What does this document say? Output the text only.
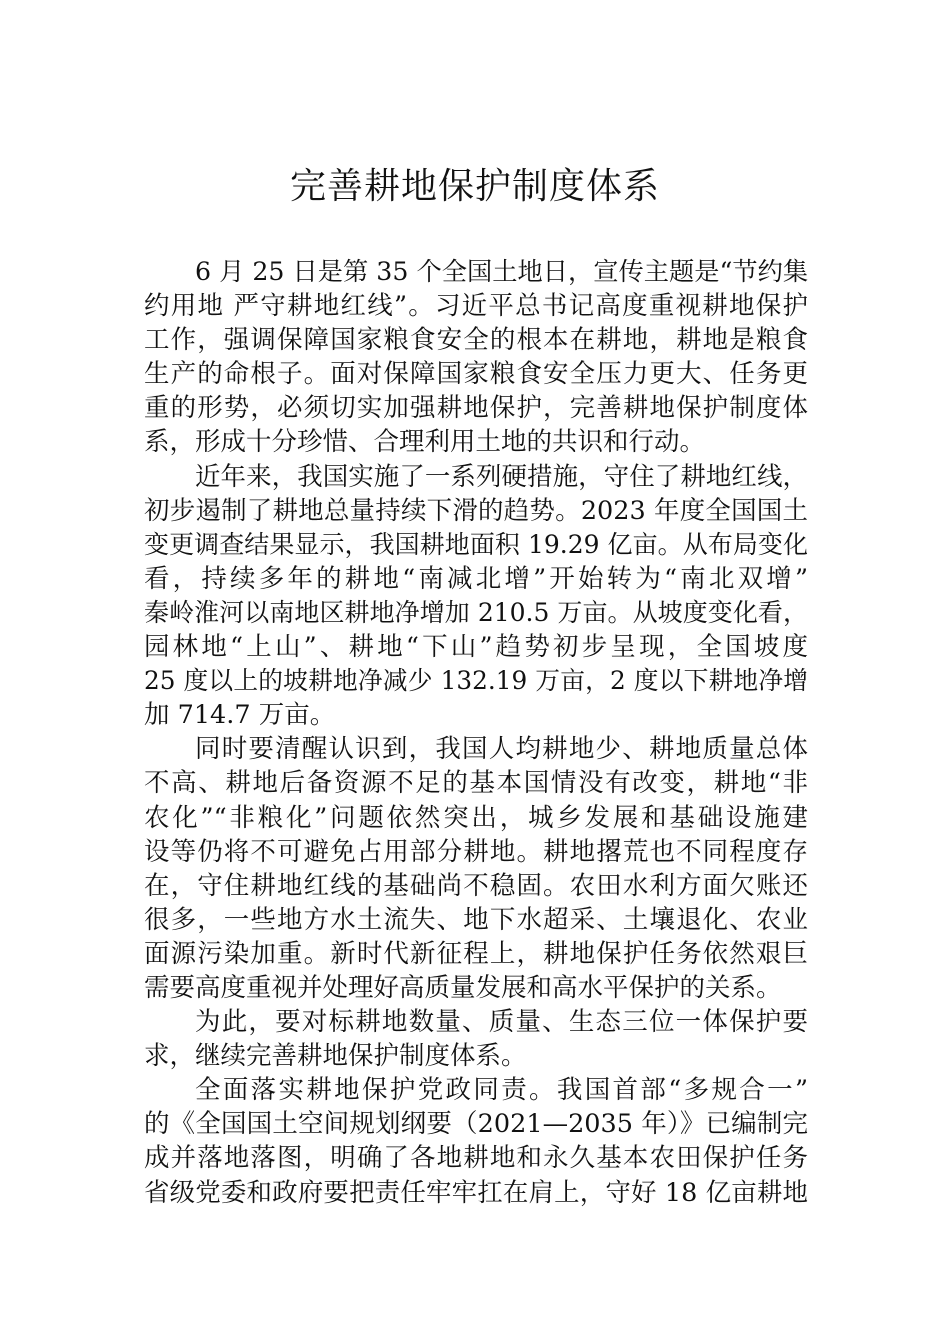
完善耕地保护制度体系
6 月 25 日是第 35 个全国土地日，宣传主题是“节约集
约用地 严守耕地红线”。习近平总书记高度重视耕地保护
工作，强调保障国家粮食安全的根本在耕地，耕地是粮食
生产的命根子。面对保障国家粮食安全压力更大、任务更
重的形势，必须切实加强耕地保护，完善耕地保护制度体
系，形成十分珍惜、合理利用土地的共识和行动。
近年来，我国实施了一系列硬措施，守住了耕地红线，
初步遏制了耕地总量持续下滑的趋势。2023 年度全国国土
变更调查结果显示，我国耕地面积 19.29 亿亩。从布局变化
看，持续多年的耕地“南减北增”开始转为“南北双增”
秦岭淮河以南地区耕地净增加 210.5 万亩。从坡度变化看，
园林地“上山”、耕地“下山”趋势初步呈现，全国坡度
25 度以上的坡耕地净减少 132.19 万亩，2 度以下耕地净增
加 714.7 万亩。
同时要清醒认识到，我国人均耕地少、耕地质量总体
不高、耕地后备资源不足的基本国情没有改变，耕地“非
农化”“非粮化”问题依然突出，城乡发展和基础设施建
设等仍将不可避免占用部分耕地。耕地撂荒也不同程度存
在，守住耕地红线的基础尚不稳固。农田水利方面欠账还
很多，一些地方水土流失、地下水超采、土壤退化、农业
面源污染加重。新时代新征程上，耕地保护任务依然艰巨
需要高度重视并处理好高质量发展和高水平保护的关系。
为此，要对标耕地数量、质量、生态三位一体保护要
求，继续完善耕地保护制度体系。
全面落实耕地保护党政同责。我国首部“多规合一”
的《全国国土空间规划纲要（2021—2035 年）》已编制完
成并落地落图，明确了各地耕地和永久基本农田保护任务
省级党委和政府要把责任牢牢扛在肩上，守好 18 亿亩耕地
